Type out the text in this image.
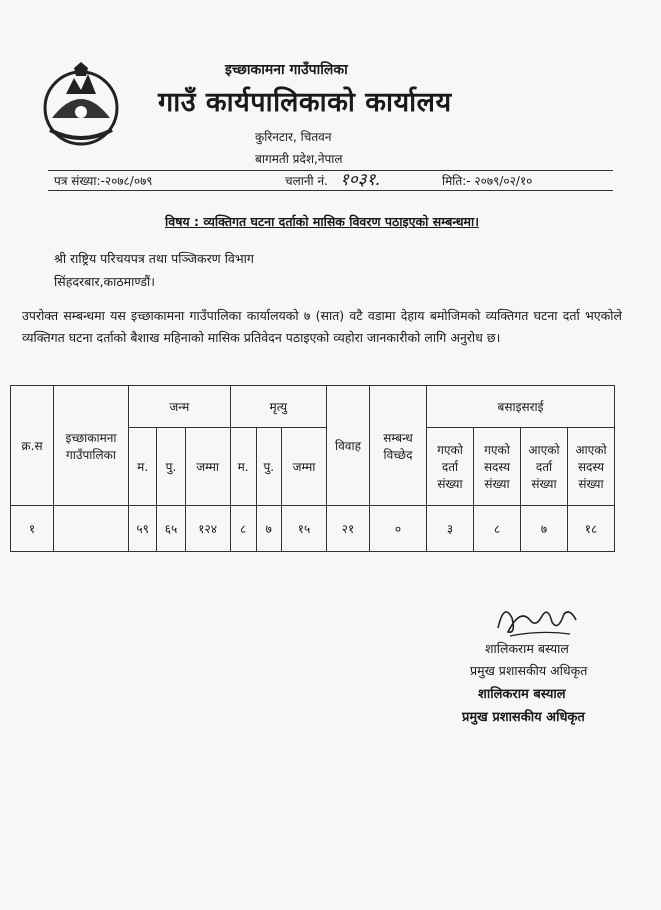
इच्छाकामना गाउँपालिका
गाउँ कार्यपालिकाको कार्यालय
कुरिनटार, चितवन
बागमती प्रदेश,नेपाल
पत्र संख्या:-२०७८/०७९	चलानी नं. १०३१.	मिति:- २०७९/०२/१०
विषय : व्यक्तिगत घटना दर्ताको मासिक विवरण पठाइएको सम्बन्धमा।
श्री राष्ट्रिय परिचयपत्र तथा पञ्जिकरण विभाग
सिंहदरबार,काठमाण्डौं।
उपरोक्त सम्बन्धमा यस इच्छाकामना गाउँपालिका कार्यालयको ७ (सात) वटै वडामा देहाय बमोजिमको व्यक्तिगत घटना दर्ता भएकोले व्यक्तिगत घटना दर्ताको बैशाख महिनाको मासिक प्रतिवेदन पठाइएको व्यहोरा जानकारीको लागि अनुरोध छ।
क्र.स	इच्छाकामना गाउँपालिका	जन्म			मृत्यु			विवाह	सम्बन्ध विच्छेद	बसाइसराई			
		म.	पु.	जम्मा	म.	पु.	जम्मा			गएको दर्ता संख्या	गएको सदस्य संख्या	आएको दर्ता संख्या	आएको सदस्य संख्या
१		५९	६५	१२४	८	७	१५	२१	०	३	८	७	१८
शालिकराम बस्याल
प्रमुख प्रशासकीय अधिकृत
शालिकराम बस्याल
प्रमुख प्रशासकीय अधिकृत
